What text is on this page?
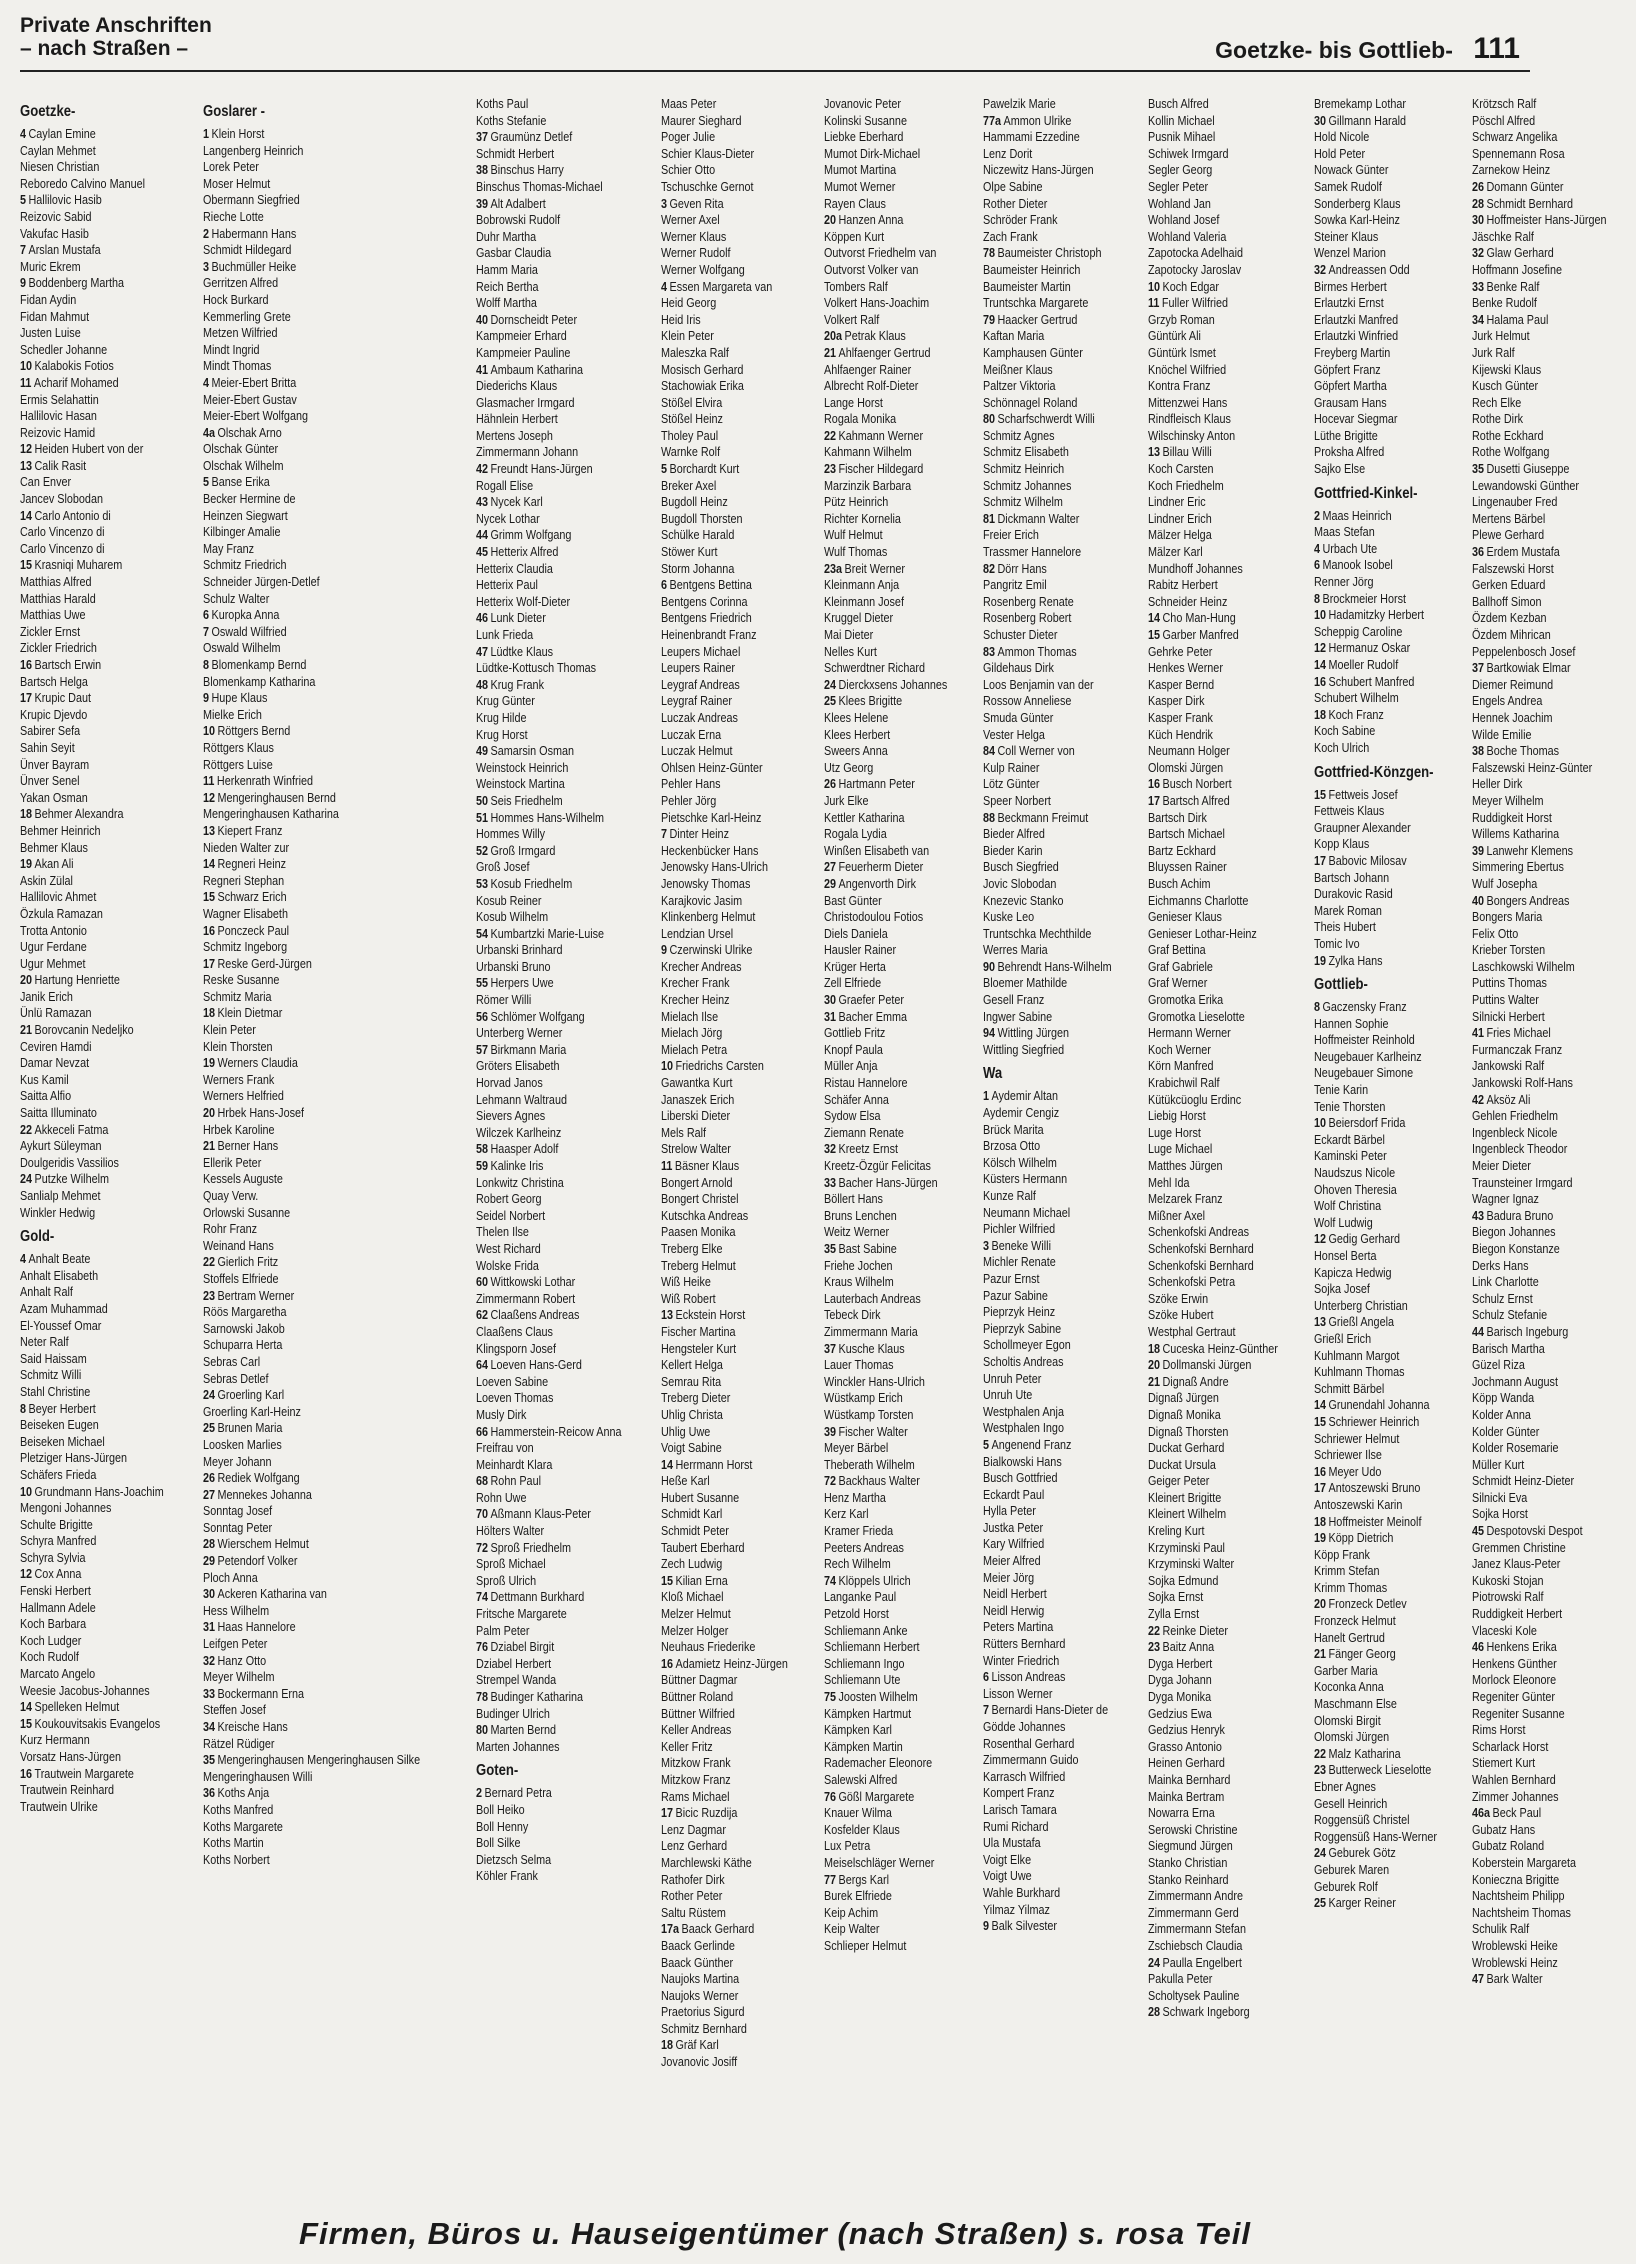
Private Anschriften
– nach Straßen –	Goetzke- bis Gottlieb- 111
Goetzke-
4 Caylan Emine
Caylan Mehmet
Niesen Christian
Reboredo Calvino Manuel
5 Hallilovic Hasib
Reizovic Sabid
Vakufac Hasib
7 Arslan Mustafa
Muric Ekrem
9 Boddenberg Martha
Fidan Aydin
Fidan Mahmut
Justen Luise
Schedler Johanne
10 Kalabokis Fotios
11 Acharif Mohamed
Ermis Selahattin
Hallilovic Hasan
Reizovic Hamid
12 Heiden Hubert von der
13 Calik Rasit
Can Enver
Jancev Slobodan
14 Carlo Antonio di
Carlo Vincenzo di
Carlo Vincenzo di
15 Krasniqi Muharem
Matthias Alfred
Matthias Harald
Matthias Uwe
Zickler Ernst
Zickler Friedrich
16 Bartsch Erwin
Bartsch Helga
17 Krupic Daut
Krupic Djevdo
Sabirer Sefa
Sahin Seyit
Ünver Bayram
Ünver Senel
Yakan Osman
18 Behmer Alexandra
Behmer Heinrich
Behmer Klaus
19 Akan Ali
Askin Zülal
Hallilovic Ahmet
Özkula Ramazan
Trotta Antonio
Ugur Ferdane
Ugur Mehmet
20 Hartung Henriette
Janik Erich
Ünlü Ramazan
21 Borovcanin Nedeljko
Ceviren Hamdi
Damar Nevzat
Kus Kamil
Saitta Alfio
Saitta Illuminato
22 Akkeceli Fatma
Aykurt Süleyman
Doulgeridis Vassilios
24 Putzke Wilhelm
Sanlialp Mehmet
Winkler Hedwig
Gold-
4 Anhalt Beate
Anhalt Elisabeth
Anhalt Ralf
Azam Muhammad
El-Youssef Omar
Neter Ralf
Said Haissam
Schmitz Willi
Stahl Christine
8 Beyer Herbert
Beiseken Eugen
Beiseken Michael
Pletziger Hans-Jürgen
Schäfers Frieda
10 Grundmann Hans-Joachim
Mengoni Johannes
Schulte Brigitte
Schyra Manfred
Schyra Sylvia
12 Cox Anna
Fenski Herbert
Hallmann Adele
Koch Barbara
Koch Ludger
Koch Rudolf
Marcato Angelo
Weesie Jacobus-Johannes
14 Spelleken Helmut
15 Koukouvitsakis Evangelos
Kurz Hermann
Vorsatz Hans-Jürgen
16 Trautwein Margarete
Trautwein Reinhard
Trautwein Ulrike
Goslarer -
1 Klein Horst
Langenberg Heinrich
Lorek Peter
Moser Helmut
Obermann Siegfried
Rieche Lotte
2 Habermann Hans
Schmidt Hildegard
3 Buchmüller Heike
Gerritzen Alfred
Hock Burkard
Kemmerling Grete
Metzen Wilfried
Mindt Ingrid
Mindt Thomas
4 Meier-Ebert Britta
Meier-Ebert Gustav
Meier-Ebert Wolfgang
4a Olschak Arno
Olschak Günter
Olschak Wilhelm
5 Banse Erika
Becker Hermine de
Heinzen Siegwart
Kilbinger Amalie
May Franz
Schmitz Friedrich
Schneider Jürgen-Detlef
Schulz Walter
6 Kuropka Anna
7 Oswald Wilfried
Oswald Wilhelm
8 Blomenkamp Bernd
Blomenkamp Katharina
9 Hupe Klaus
Mielke Erich
10 Röttgers Bernd
Röttgers Klaus
Röttgers Luise
11 Herkenrath Winfried
12 Mengeringhausen Bernd
Mengeringhausen Katharina
13 Kiepert Franz
Nieden Walter zur
14 Regneri Heinz
Regneri Stephan
15 Schwarz Erich
Wagner Elisabeth
16 Ponczeck Paul
Schmitz Ingeborg
17 Reske Gerd-Jürgen
Reske Susanne
Schmitz Maria
18 Klein Dietmar
Klein Peter
Klein Thorsten
19 Werners Claudia
Werners Frank
Werners Helfried
20 Hrbek Hans-Josef
Hrbek Karoline
21 Berner Hans
Ellerik Peter
Kessels Auguste
Quay Verw.
Orlowski Susanne
Rohr Franz
Weinand Hans
22 Gierlich Fritz
Stoffels Elfriede
23 Bertram Werner
Röös Margaretha
Sarnowski Jakob
Schuparra Herta
Sebras Carl
Sebras Detlef
24 Groerling Karl
Groerling Karl-Heinz
25 Brunen Maria
Loosken Marlies
Meyer Johann
26 Rediek Wolfgang
27 Mennekes Johanna
Sonntag Josef
Sonntag Peter
28 Wierschem Helmut
29 Petendorf Volker
Ploch Anna
30 Ackeren Katharina van
Hess Wilhelm
31 Haas Hannelore
Leifgen Peter
32 Hanz Otto
Meyer Wilhelm
33 Bockermann Erna
Steffen Josef
34 Kreische Hans
Rätzel Rüdiger
35 Mengeringhausen Mengeringhausen Silke
Mengeringhausen Willi
36 Koths Anja
Koths Manfred
Koths Margarete
Koths Martin
Koths Norbert
Koths Paul
Koths Stefanie
37 Graumünz Detlef
Schmidt Herbert
38 Binschus Harry
Binschus Thomas-Michael
39 Alt Adalbert
Bobrowski Rudolf
Duhr Martha
Gasbar Claudia
Hamm Maria
Reich Bertha
Wolff Martha
40 Dornscheidt Peter
Kampmeier Erhard
Kampmeier Pauline
41 Ambaum Katharina
Diederichs Klaus
Glasmacher Irmgard
Hähnlein Herbert
Mertens Joseph
Zimmermann Johann
42 Freundt Hans-Jürgen
Rogall Elise
43 Nycek Karl
Nycek Lothar
44 Grimm Wolfgang
45 Hetterix Alfred
Hetterix Claudia
Hetterix Paul
Hetterix Wolf-Dieter
46 Lunk Dieter
Lunk Frieda
47 Lüdtke Klaus
Lüdtke-Kottusch Thomas
48 Krug Frank
Krug Günter
Krug Hilde
Krug Horst
49 Samarsin Osman
Weinstock Heinrich
Weinstock Martina
50 Seis Friedhelm
51 Hommes Hans-Wilhelm
Hommes Willy
52 Groß Irmgard
Groß Josef
53 Kosub Friedhelm
Kosub Reiner
Kosub Wilhelm
54 Kumbartzki Marie-Luise
Urbanski Brinhard
Urbanski Bruno
55 Herpers Uwe
Römer Willi
56 Schlömer Wolfgang
Unterberg Werner
57 Birkmann Maria
Gröters Elisabeth
Horvad Janos
Lehmann Waltraud
Sievers Agnes
Wilczek Karlheinz
58 Haasper Adolf
59 Kalinke Iris
Lonkwitz Christina
Robert Georg
Seidel Norbert
Thelen Ilse
West Richard
Wolske Frida
60 Wittkowski Lothar
Zimmermann Robert
62 Claaßens Andreas
Claaßens Claus
Klingsporn Josef
64 Loeven Hans-Gerd
Loeven Sabine
Loeven Thomas
Musly Dirk
66 Hammerstein-Reicow Anna
Freifrau von
Meinhardt Klara
68 Rohn Paul
Rohn Uwe
70 Aßmann Klaus-Peter
Hölters Walter
72 Sproß Friedhelm
Sproß Michael
Sproß Ulrich
74 Dettmann Burkhard
Fritsche Margarete
Palm Peter
76 Dziabel Birgit
Dziabel Herbert
Strempel Wanda
78 Budinger Katharina
Budinger Ulrich
80 Marten Bernd
Marten Johannes
Goten-
2 Bernard Petra
Boll Heiko
Boll Henny
Boll Silke
Dietzsch Selma
Köhler Frank
Maas Peter
Maurer Sieghard
Poger Julie
Schier Klaus-Dieter
Schier Otto
Tschuschke Gernot
3 Geven Rita
Werner Axel
Werner Klaus
Werner Rudolf
Werner Wolfgang
4 Essen Margareta van
Heid Georg
Heid Iris
Klein Peter
Maleszka Ralf
Mosisch Gerhard
Stachowiak Erika
Stößel Elvira
Stößel Heinz
Tholey Paul
Warnke Rolf
5 Borchardt Kurt
Breker Axel
Bugdoll Heinz
Bugdoll Thorsten
Schülke Harald
Stöwer Kurt
Storm Johanna
6 Bentgens Bettina
Bentgens Corinna
Bentgens Friedrich
Heinenbrandt Franz
Leupers Michael
Leupers Rainer
Leygraf Andreas
Leygraf Rainer
Luczak Andreas
Luczak Erna
Luczak Helmut
Ohlsen Heinz-Günter
Pehler Hans
Pehler Jörg
Pietschke Karl-Heinz
7 Dinter Heinz
Heckenbücker Hans
Jenowsky Hans-Ulrich
Jenowsky Thomas
Karajkovic Jasim
Klinkenberg Helmut
Lendzian Ursel
9 Czerwinski Ulrike
Krecher Andreas
Krecher Frank
Krecher Heinz
Mielach Ilse
Mielach Jörg
Mielach Petra
10 Friedrichs Carsten
Gawantka Kurt
Janaszek Erich
Liberski Dieter
Mels Ralf
Strelow Walter
11 Bäsner Klaus
Bongert Arnold
Bongert Christel
Kutschka Andreas
Paasen Monika
Treberg Elke
Treberg Helmut
Wiß Heike
Wiß Robert
13 Eckstein Horst
Fischer Martina
Hengsteler Kurt
Kellert Helga
Semrau Rita
Treberg Dieter
Uhlig Christa
Uhlig Uwe
Voigt Sabine
14 Herrmann Horst
Heße Karl
Hubert Susanne
Schmidt Karl
Schmidt Peter
Taubert Eberhard
Zech Ludwig
15 Kilian Erna
Kloß Michael
Melzer Helmut
Melzer Holger
Neuhaus Friederike
16 Adamietz Heinz-Jürgen
Büttner Dagmar
Büttner Roland
Büttner Wilfried
Keller Andreas
Keller Fritz
Mitzkow Frank
Mitzkow Franz
Rams Michael
17 Bicic Ruzdija
Lenz Dagmar
Lenz Gerhard
Marchlewski Käthe
Rathofer Dirk
Rother Peter
Saltu Rüstem
17a Baack Gerhard
Baack Gerlinde
Baack Günther
Naujoks Martina
Naujoks Werner
Praetorius Sigurd
Schmitz Bernhard
18 Gräf Karl
Jovanovic Josiff
Jovanovic Peter
Kolinski Susanne
Liebke Eberhard
Mumot Dirk-Michael
Mumot Martina
Mumot Werner
Rayen Claus
20 Hanzen Anna
Köppen Kurt
Outvorst Friedhelm van
Outvorst Volker van
Tombers Ralf
Volkert Hans-Joachim
Volkert Ralf
20a Petrak Klaus
21 Ahlfaenger Gertrud
Ahlfaenger Rainer
Albrecht Rolf-Dieter
Lange Horst
Rogala Monika
22 Kahmann Werner
Kahmann Wilhelm
23 Fischer Hildegard
Marzinzik Barbara
Pütz Heinrich
Richter Kornelia
Wulf Helmut
Wulf Thomas
23a Breit Werner
Kleinmann Anja
Kleinmann Josef
Kruggel Dieter
Mai Dieter
Nelles Kurt
Schwerdtner Richard
24 Dierckxsens Johannes
25 Klees Brigitte
Klees Helene
Klees Herbert
Sweers Anna
Utz Georg
26 Hartmann Peter
Jurk Elke
Kettler Katharina
Rogala Lydia
Winßen Elisabeth van
27 Feuerherm Dieter
29 Angenvorth Dirk
Bast Günter
Christodoulou Fotios
Diels Daniela
Hausler Rainer
Krüger Herta
Zell Elfriede
30 Graefer Peter
31 Bacher Emma
Gottlieb Fritz
Knopf Paula
Müller Anja
Ristau Hannelore
Schäfer Anna
Sydow Elsa
Ziemann Renate
32 Kreetz Ernst
Kreetz-Özgür Felicitas
33 Bacher Hans-Jürgen
Böllert Hans
Bruns Lenchen
Weitz Werner
35 Bast Sabine
Friehe Jochen
Kraus Wilhelm
Lauterbach Andreas
Tebeck Dirk
Zimmermann Maria
37 Kusche Klaus
Lauer Thomas
Winckler Hans-Ulrich
Wüstkamp Erich
Wüstkamp Torsten
39 Fischer Walter
Meyer Bärbel
Theberath Wilhelm
72 Backhaus Walter
Henz Martha
Kerz Karl
Kramer Frieda
Peeters Andreas
Rech Wilhelm
74 Klöppels Ulrich
Langanke Paul
Petzold Horst
Schliemann Anke
Schliemann Herbert
Schliemann Ingo
Schliemann Ute
75 Joosten Wilhelm
Kämpken Hartmut
Kämpken Karl
Kämpken Martin
Rademacher Eleonore
Salewski Alfred
76 Gößl Margarete
Knauer Wilma
Kosfelder Klaus
Lux Petra
Meiselschläger Werner
77 Bergs Karl
Burek Elfriede
Keip Achim
Keip Walter
Schlieper Helmut
Pawelzik Marie
77a Ammon Ulrike
Hammami Ezzedine
Lenz Dorit
Niczewitz Hans-Jürgen
Olpe Sabine
Rother Dieter
Schröder Frank
Zach Frank
78 Baumeister Christoph
Baumeister Heinrich
Baumeister Martin
Truntschka Margarete
79 Haacker Gertrud
Kaftan Maria
Kamphausen Günter
Meißner Klaus
Paltzer Viktoria
Schönnagel Roland
80 Scharfschwerdt Willi
Schmitz Agnes
Schmitz Elisabeth
Schmitz Heinrich
Schmitz Johannes
Schmitz Wilhelm
81 Dickmann Walter
Freier Erich
Trassmer Hannelore
82 Dörr Hans
Pangritz Emil
Rosenberg Renate
Rosenberg Robert
Schuster Dieter
83 Ammon Thomas
Gildehaus Dirk
Loos Benjamin van der
Rossow Anneliese
Smuda Günter
Vester Helga
84 Coll Werner von
Kulp Rainer
Lötz Günter
Speer Norbert
88 Beckmann Freimut
Bieder Alfred
Bieder Karin
Busch Siegfried
Jovic Slobodan
Knezevic Stanko
Kuske Leo
Truntschka Mechthilde
Werres Maria
90 Behrendt Hans-Wilhelm
Bloemer Mathilde
Gesell Franz
Ingwer Sabine
94 Wittling Jürgen
Wittling Siegfried
Wa
1 Aydemir Altan
Aydemir Cengiz
Brück Marita
Brzosa Otto
Kölsch Wilhelm
Küsters Hermann
Kunze Ralf
Neumann Michael
Pichler Wilfried
3 Beneke Willi
Michler Renate
Pazur Ernst
Pazur Sabine
Pieprzyk Heinz
Pieprzyk Sabine
Schollmeyer Egon
Scholtis Andreas
Unruh Peter
Unruh Ute
Westphalen Anja
Westphalen Ingo
5 Angenend Franz
Bialkowski Hans
Busch Gottfried
Eckardt Paul
Hylla Peter
Justka Peter
Kary Wilfried
Meier Alfred
Meier Jörg
Neidl Herbert
Neidl Herwig
Peters Martina
Rütters Bernhard
Winter Friedrich
6 Lisson Andreas
Lisson Werner
7 Bernardi Hans-Dieter de
Gödde Johannes
Rosenthal Gerhard
Zimmermann Guido
Karrasch Wilfried
Kompert Franz
Larisch Tamara
Rumi Richard
Ula Mustafa
Voigt Elke
Voigt Uwe
Wahle Burkhard
Yilmaz Yilmaz
9 Balk Silvester
Busch Alfred
Kollin Michael
Pusnik Mihael
Schiwek Irmgard
Segler Georg
Segler Peter
Wohland Jan
Wohland Josef
Wohland Valeria
Zapotocka Adelhaid
Zapotocky Jaroslav
10 Koch Edgar
11 Fuller Wilfried
Grzyb Roman
Güntürk Ali
Güntürk Ismet
Knöchel Wilfried
Kontra Franz
Mittenzwei Hans
Rindfleisch Klaus
Wilschinsky Anton
13 Billau Willi
Koch Carsten
Koch Friedhelm
Lindner Eric
Lindner Erich
Mälzer Helga
Mälzer Karl
Mundhoff Johannes
Rabitz Herbert
Schneider Heinz
14 Cho Man-Hung
15 Garber Manfred
Gehrke Peter
Henkes Werner
Kasper Bernd
Kasper Dirk
Kasper Frank
Küch Hendrik
Neumann Holger
Olomski Jürgen
16 Busch Norbert
17 Bartsch Alfred
Bartsch Dirk
Bartsch Michael
Bartz Eckhard
Bluyssen Rainer
Busch Achim
Eichmanns Charlotte
Genieser Klaus
Genieser Lothar-Heinz
Graf Bettina
Graf Gabriele
Graf Werner
Gromotka Erika
Gromotka Lieselotte
Hermann Werner
Koch Werner
Körn Manfred
Krabichwil Ralf
Kütükcüoglu Erdinc
Liebig Horst
Luge Horst
Luge Michael
Matthes Jürgen
Mehl Ida
Melzarek Franz
Mißner Axel
Schenkofski Andreas
Schenkofski Bernhard
Schenkofski Bernhard
Schenkofski Petra
Szöke Erwin
Szöke Hubert
Westphal Gertraut
18 Cuceska Heinz-Günther
20 Dollmanski Jürgen
21 Dignaß Andre
Dignaß Jürgen
Dignaß Monika
Dignaß Thorsten
Duckat Gerhard
Duckat Ursula
Geiger Peter
Kleinert Brigitte
Kleinert Wilhelm
Kreling Kurt
Krzyminski Paul
Krzyminski Walter
Sojka Edmund
Sojka Ernst
Zylla Ernst
22 Reinke Dieter
23 Baitz Anna
Dyga Herbert
Dyga Johann
Dyga Monika
Gedzius Ewa
Gedzius Henryk
Grasso Antonio
Heinen Gerhard
Mainka Bernhard
Mainka Bertram
Nowarra Erna
Serowski Christine
Siegmund Jürgen
Stanko Christian
Stanko Reinhard
Zimmermann Andre
Zimmermann Gerd
Zimmermann Stefan
Zschiebsch Claudia
24 Paulla Engelbert
Pakulla Peter
Scholtysek Pauline
28 Schwark Ingeborg
Bremekamp Lothar
30 Gillmann Harald
Hold Nicole
Hold Peter
Nowack Günter
Samek Rudolf
Sonderberg Klaus
Sowka Karl-Heinz
Steiner Klaus
Wenzel Marion
32 Andreassen Odd
Birmes Herbert
Erlautzki Ernst
Erlautzki Manfred
Erlautzki Winfried
Freyberg Martin
Göpfert Franz
Göpfert Martha
Grausam Hans
Hocevar Siegmar
Lüthe Brigitte
Proksha Alfred
Sajko Else
Gottfried-Kinkel-
2 Maas Heinrich
Maas Stefan
4 Urbach Ute
6 Manook Isobel
Renner Jörg
8 Brockmeier Horst
10 Hadamitzky Herbert
Scheppig Caroline
12 Hermanuz Oskar
14 Moeller Rudolf
16 Schubert Manfred
Schubert Wilhelm
18 Koch Franz
Koch Sabine
Koch Ulrich
Gottfried-Könzgen-
15 Fettweis Josef
Fettweis Klaus
Graupner Alexander
Kopp Klaus
17 Babovic Milosav
Bartsch Johann
Durakovic Rasid
Marek Roman
Theis Hubert
Tomic Ivo
19 Zylka Hans
Gottlieb-
8 Gaczensky Franz
Hannen Sophie
Hoffmeister Reinhold
Neugebauer Karlheinz
Neugebauer Simone
Tenie Karin
Tenie Thorsten
10 Beiersdorf Frida
Eckardt Bärbel
Kaminski Peter
Naudszus Nicole
Ohoven Theresia
Wolf Christina
Wolf Ludwig
12 Gedig Gerhard
Honsel Berta
Kapicza Hedwig
Sojka Josef
Unterberg Christian
13 Grießl Angela
Grießl Erich
Kuhlmann Margot
Kuhlmann Thomas
Schmitt Bärbel
14 Grunendahl Johanna
15 Schriewer Heinrich
Schriewer Helmut
Schriewer Ilse
16 Meyer Udo
17 Antoszewski Bruno
Antoszewski Karin
18 Hoffmeister Meinolf
19 Köpp Dietrich
Köpp Frank
Krimm Stefan
Krimm Thomas
20 Fronzeck Detlev
Fronzeck Helmut
Hanelt Gertrud
21 Fänger Georg
Garber Maria
Koconka Anna
Maschmann Else
Olomski Birgit
Olomski Jürgen
22 Malz Katharina
23 Butterweck Lieselotte
Ebner Agnes
Gesell Heinrich
Roggensüß Christel
Roggensüß Hans-Werner
24 Geburek Götz
Geburek Maren
Geburek Rolf
25 Karger Reiner
Krötzsch Ralf
Pöschl Alfred
Schwarz Angelika
Spennemann Rosa
Zarnekow Heinz
26 Domann Günter
28 Schmidt Bernhard
30 Hoffmeister Hans-Jürgen
Jäschke Ralf
32 Glaw Gerhard
Hoffmann Josefine
33 Benke Ralf
Benke Rudolf
34 Halama Paul
Jurk Helmut
Jurk Ralf
Kijewski Klaus
Kusch Günter
Rech Elke
Rothe Dirk
Rothe Eckhard
Rothe Wolfgang
35 Dusetti Giuseppe
Lewandowski Günther
Lingenauber Fred
Mertens Bärbel
Plewe Gerhard
36 Erdem Mustafa
Falszewski Horst
Gerken Eduard
Ballhoff Simon
Özdem Kezban
Özdem Mihrican
Peppelenbosch Josef
37 Bartkowiak Elmar
Diemer Reimund
Engels Andrea
Hennek Joachim
Wilde Emilie
38 Boche Thomas
Falszewski Heinz-Günter
Heller Dirk
Meyer Wilhelm
Ruddigkeit Horst
Willems Katharina
39 Lanwehr Klemens
Simmering Ebertus
Wulf Josepha
40 Bongers Andreas
Bongers Maria
Felix Otto
Krieber Torsten
Laschkowski Wilhelm
Puttins Thomas
Puttins Walter
Silnicki Herbert
41 Fries Michael
Furmanczak Franz
Jankowski Ralf
Jankowski Rolf-Hans
42 Aksöz Ali
Gehlen Friedhelm
Ingenbleck Nicole
Ingenbleck Theodor
Meier Dieter
Traunsteiner Irmgard
Wagner Ignaz
43 Badura Bruno
Biegon Johannes
Biegon Konstanze
Derks Hans
Link Charlotte
Schulz Ernst
Schulz Stefanie
44 Barisch Ingeburg
Barisch Martha
Güzel Riza
Jochmann August
Köpp Wanda
Kolder Anna
Kolder Günter
Kolder Rosemarie
Müller Kurt
Schmidt Heinz-Dieter
Silnicki Eva
Sojka Horst
45 Despotovski Despot
Gremmen Christine
Janez Klaus-Peter
Kukoski Stojan
Piotrowski Ralf
Ruddigkeit Herbert
Vlaceski Kole
46 Henkens Erika
Henkens Günther
Morlock Eleonore
Regeniter Günter
Regeniter Susanne
Rims Horst
Scharlack Horst
Stiemert Kurt
Wahlen Bernhard
Zimmer Johannes
46a Beck Paul
Gubatz Hans
Gubatz Roland
Koberstein Margareta
Konieczna Brigitte
Nachtsheim Philipp
Nachtsheim Thomas
Schulik Ralf
Wroblewski Heike
Wroblewski Heinz
47 Bark Walter
Firmen, Büros u. Hauseigentümer (nach Straßen) s. rosa Teil
